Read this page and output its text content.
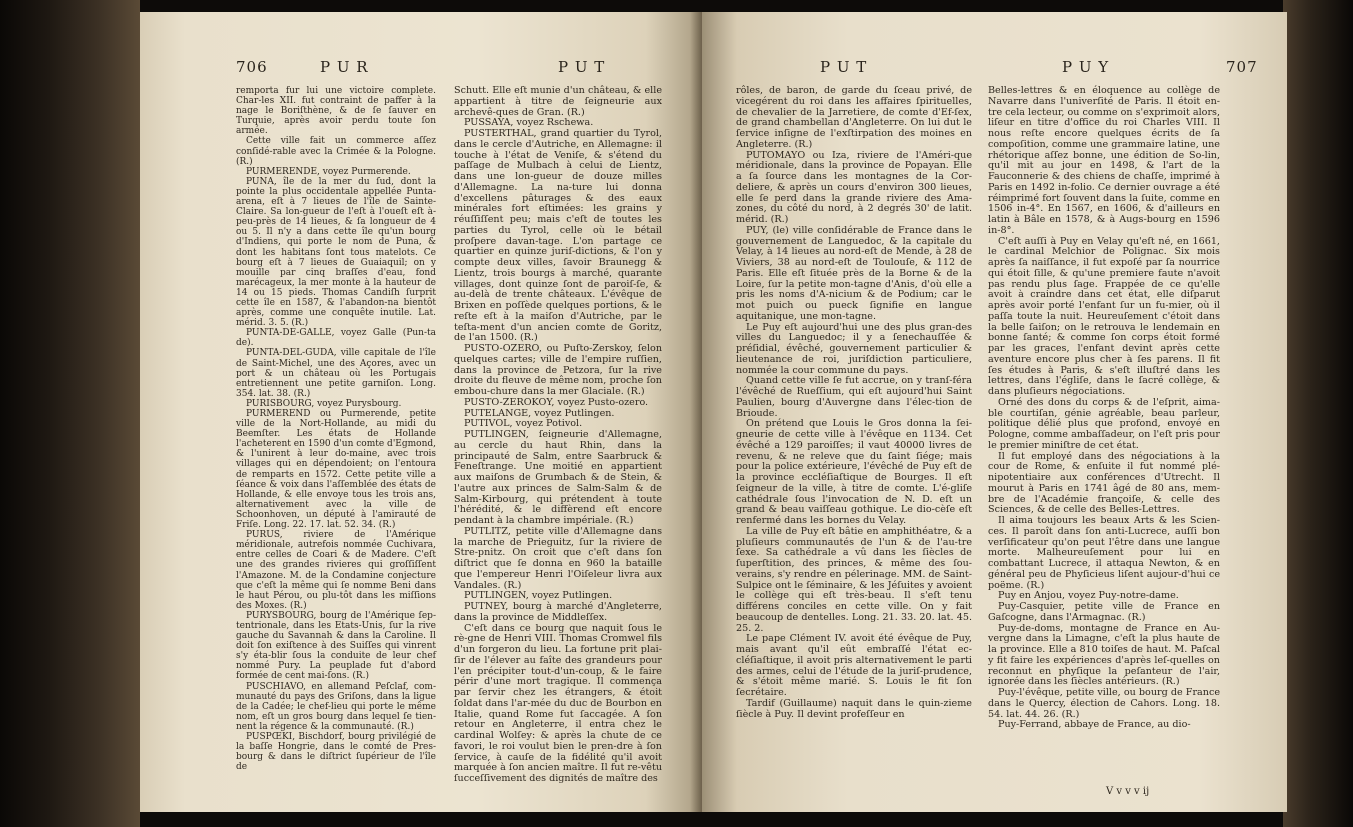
706	P U R	P U T

remporta fur lui une victoire complete. Char-les XII. fut contraint de paffer à la nage le Boriſthène, & de ſe ſauver en Turquie, après avoir perdu toute ſon armée.

Cette ville fait un commerce aſſez conſidé-rable avec la Crimée & la Pologne. (R.)

PURMERENDE, voyez Purmerende.

PUNA, île de la mer du ſud, dont la pointe la plus occidentale appellée Punta-arena, eſt à 7 lieues de l'île de Sainte-Claire. Sa lon-gueur de l'eſt à l'oueſt eſt à-peu-près de 14 lieues, & ſa longueur de 4 ou 5. Il n'y a dans cette île qu'un bourg d'Indiens, qui porte le nom de Puna, & dont les habitans ſont tous matelots. Ce bourg eſt à 7 lieues de Guaiaquil; on y mouille par cinq braſſes d'eau, fond marécageux, la mer monte à la hauteur de 14 ou 15 pieds. Thomas Candiſh ſurprit cette île en 1587, & l'abandon-na bientôt après, comme une conquête inutile. Lat. mérid. 3. 5. (R.)

PUNTA-DE-GALLE, voyez Galle (Pun-ta de).

PUNTA-DEL-GUDA, ville capitale de l'île de Saint-Michel, une des Açores, avec un port & un château où les Portugais entretiennent une petite garniſon. Long. 354. lat. 38. (R.)

PURISBOURG, voyez Purysbourg.

PURMEREND ou Purmerende, petite ville de la Nort-Hollande, au midi du Beemſter. Les états de Hollande l'acheterent en 1590 d'un comte d'Egmond, & l'unirent à leur do-maine, avec trois villages qui en dépendoient; on l'entoura de remparts en 1572. Cette petite ville a ſéance & voix dans l'aſſemblée des états de Hollande, & elle envoye tous les trois ans, alternativement avec la ville de Schoonhoven, un député à l'amirauté de Friſe. Long. 22. 17. lat. 52. 34. (R.)

PURUS, riviere de l'Amérique méridionale, autrefois nommée Cuchivara, entre celles de Coari & de Madere. C'eſt une des grandes rivieres qui groſſiſſent l'Amazone. M. de la Condamine conjecture que c'eſt la même qui ſe nomme Beni dans le haut Pérou, ou plu-tôt dans les miſſions des Moxes. (R.)

PURYSBOURG, bourg de l'Amérique ſep-tentrionale, dans les Etats-Unis, ſur la rive gauche du Savannah & dans la Caroline. Il doit ſon exiſtence à des Suiſſes qui vinrent s'y éta-blir ſous la conduite de leur chef nommé Pury. La peuplade fut d'abord formée de cent mai-ſons. (R.)

PUSCHIAVO, en allemand Peſclaf, com-munauté du pays des Griſons, dans la ligue de la Cadée; le chef-lieu qui porte le même nom, eſt un gros bourg dans lequel ſe tien-nent la régence & la communauté. (R.)

PUSPŒKI, Bischdorf, bourg privilégié de la baſſe Hongrie, dans le comté de Pres-bourg & dans le diſtrict ſupérieur de l'île de

Schutt. Elle eſt munie d'un château, & elle appartient à titre de ſeigneurie aux archevê-ques de Gran. (R.)

PUSSAYA, voyez Rschewa.

PUSTERTHAL, grand quartier du Tyrol, dans le cercle d'Autriche, en Allemagne: il touche à l'état de Veniſe, & s'étend du paſſage de Mulbach à celui de Lientz, dans une lon-gueur de douze milles d'Allemagne. La na-ture lui donna d'excellens pâturages & des eaux minérales fort eſtimées: les grains y réuſſiſſent peu; mais c'eſt de toutes les parties du Tyrol, celle où le bétail proſpere davan-tage. L'on partage ce quartier en quinze juriſ-dictions, & l'on y compte deux villes, ſavoir Braunegg & Lientz, trois bourgs à marché, quarante villages, dont quinze ſont de paroiſ-ſe, & au-delà de trente châteaux. L'évêque de Brixen en poſſède quelques portions, & le reſte eſt à la maiſon d'Autriche, par le teſta-ment d'un ancien comte de Goritz, de l'an 1500. (R.)

PUSTO-OZERO, ou Puſto-Zerskoy, ſelon quelques cartes; ville de l'empire ruſſien, dans la province de Petzora, ſur la rive droite du fleuve de même nom, proche ſon embou-chure dans la mer Glaciale. (R.)

PUSTO-ZEROKOY, voyez Pusto-ozero.

PUTELANGE, voyez Putlingen.

PUTIVOL, voyez Potivol.

PUTLINGEN, ſeigneurie d'Allemagne, au cercle du haut Rhin, dans la principauté de Salm, entre Saarbruck & Feneſtrange. Une moitié en appartient aux maiſons de Grumbach & de Stein, & l'autre aux princes de Salm-Salm & de Salm-Kirbourg, qui prétendent à toute l'hérédité, & le diffèrend eſt encore pendant à la chambre impériale. (R.)

PUTLITZ, petite ville d'Allemagne dans la marche de Prieguitz, ſur la riviere de Stre-pnitz. On croit que c'eſt dans ſon diſtrict que ſe donna en 960 la bataille que l'empereur Henri l'Oiſeleur livra aux Vandales. (R.)

PUTLINGEN, voyez Putlingen.

PUTNEY, bourg à marché d'Angleterre, dans la province de Middleſſex.

C'eſt dans ce bourg que naquit ſous le rè-gne de Henri VIII. Thomas Cromwel fils d'un forgeron du lieu. La fortune prit plai-ſir de l'élever au faîte des grandeurs pour l'en précipiter tout-d'un-coup, & le faire périr d'une mort tragique. Il commença par ſervir chez les étrangers, & étoit ſoldat dans l'ar-mée du duc de Bourbon en Italie, quand Rome fut ſaccagée. A ſon retour en Angleterre, il entra chez le cardinal Wolſey: & après la chute de ce favori, le roi voulut bien le pren-dre à ſon ſervice, à cauſe de la fidélité qu'il avoit marquée à ſon ancien maître. Il fut re-vêtu ſucceſſivement des dignités de maître des

P U T	P U Y	707

rôles, de baron, de garde du ſceau privé, de vicegérent du roi dans les affaires ſpirituelles, de chevalier de la Jarretiere, de comte d'Ef-ſex, de grand chambellan d'Angleterre. On lui dut le ſervice inſigne de l'exſtirpation des moines en Angleterre. (R.)

PUTOMAYO ou Iza, riviere de l'Améri-que méridionale, dans la province de Popayan. Elle a ſa ſource dans les montagnes de la Cor-deliere, & après un cours d'environ 300 lieues, elle ſe perd dans la grande riviere des Ama-zones, du côté du nord, à 2 degrés 30' de latit. mérid. (R.)

PUY, (le) ville conſidérable de France dans le gouvernement de Languedoc, & la capitale du Velay, à 14 lieues au nord-eſt de Mende, à 28 de Viviers, 38 au nord-eſt de Toulouſe, & 112 de Paris. Elle eſt ſituée près de la Borne & de la Loire, ſur la petite mon-tagne d'Anis, d'où elle a pris les noms d'A-nicium & de Podium; car le mot puich ou pueck ſignifie en langue aquitanique, une mon-tagne.

Le Puy eſt aujourd'hui une des plus gran-des villes du Languedoc; il y a ſenechauſſée & préſidial, évêché, gouvernement particulier & lieutenance de roi, juriſdiction particuliere, nommée la cour commune du pays.

Quand cette ville ſe fut accrue, on y tranſ-féra l'évêché de Rueſſium, qui eſt aujourd'hui Saint Paulien, bourg d'Auvergne dans l'élec-tion de Brioude.

On prétend que Louis le Gros donna la ſei-gneurie de cette ville à l'évêque en 1134. Cet évêché a 129 paroiſſes; il vaut 40000 livres de revenu, & ne releve que du ſaint ſiége; mais pour la police extérieure, l'évêché de Puy eſt de la province eccléſiaſtique de Bourges. Il eſt ſeigneur de la ville, à titre de comte. L'é-gliſe cathédrale ſous l'invocation de N. D. eſt un grand & beau vaiſſeau gothique. Le dio-cèſe eſt renfermé dans les bornes du Velay.

La ville de Puy eſt bâtie en amphithéatre, & a pluſieurs communautés de l'un & de l'au-tre ſexe. Sa cathédrale a vû dans les ſiècles de ſuperſtition, des princes, & même des ſou-verains, s'y rendre en pélerinage. MM. de Saint-Sulpice ont le ſéminaire, & les Jéſuites y avoient le collège qui eſt très-beau. Il s'eſt tenu différens conciles en cette ville. On y fait beaucoup de dentelles. Long. 21. 33. 20. lat. 45. 25. 2.

Le pape Clément IV. avoit été évêque de Puy, mais avant qu'il eût embraſſé l'état ec-cléſiaſtique, il avoit pris alternativement le parti des armes, celui de l'étude de la juriſ-prudence, & s'étoit même marié. S. Louis le fit ſon ſecrétaire.

Tardif (Guillaume) naquit dans le quin-zieme ſiècle à Puy. Il devint profeſſeur en

Belles-lettres & en éloquence au collège de Navarre dans l'univerſité de Paris. Il étoit en-tre cela lecteur, ou comme on s'exprimoit alors, liſeur en titre d'office du roi Charles VIII. Il nous reſte encore quelques écrits de ſa compoſition, comme une grammaire latine, une rhétorique aſſez bonne, une édition de So-lin, qu'il mit au jour en 1498, & l'art de la Fauconnerie & des chiens de chaſſe, imprimé à Paris en 1492 in-folio. Ce dernier ouvrage a été réimprimé fort ſouvent dans la ſuite, comme en 1506 in-4°. En 1567, en 1606, & d'ailleurs en latin à Bâle en 1578, & à Augs-bourg en 1596 in-8°.

C'eſt auſſi à Puy en Velay qu'eſt né, en 1661, le cardinal Melchior de Polignac. Six mois après ſa naiſſance, il fut expoſé par ſa nourrice qui étoit ſille, & qu'une premiere faute n'avoit pas rendu plus ſage. Frappée de ce qu'elle avoit à craindre dans cet état, elle diſparut après avoir porté l'enfant ſur un fu-mier, où il paſſa toute la nuit. Heureuſement c'étoit dans la belle ſaiſon; on le retrouva le lendemain en bonne ſanté; & comme ſon corps étoit formé par les graces, l'enfant devint après cette aventure encore plus cher à ſes parens. Il fit ſes études à Paris, & s'eſt illuſtré dans les lettres, dans l'égliſe, dans le ſacré collège, & dans pluſieurs négociations.

Orné des dons du corps & de l'eſprit, aima-ble courtiſan, génie agréable, beau parleur, politique délié plus que profond, envoyé en Pologne, comme ambaſſadeur, on l'eſt pris pour le premier miniſtre de cet état.

Il fut employé dans des négociations à la cour de Rome, & enſuite il fut nommé plé-nipotentiaire aux conférences d'Utrecht. Il mourut à Paris en 1741 âgé de 80 ans, mem-bre de l'Académie françoiſe, & celle des Sciences, & de celle des Belles-Lettres.

Il aima toujours les beaux Arts & les Scien-ces. Il paroît dans ſon anti-Lucrece, auſſi bon verſificateur qu'on peut l'être dans une langue morte. Malheureuſement pour lui en combattant Lucrece, il attaqua Newton, & en général peu de Phyſicieus liſent aujour-d'hui ce poëme. (R.)

Puy en Anjou, voyez Puy-notre-dame.

Puy-Casquier, petite ville de France en Gaſcogne, dans l'Armagnac. (R.)

Puy-de-doms, montagne de France en Au-vergne dans la Limagne, c'eſt la plus haute de la province. Elle a 810 toiſes de haut. M. Paſcal y fit faire les expériences d'après leſ-quelles on reconnut en phyſique la peſanteur de l'air, ignorée dans les ſiècles antérieurs. (R.)

Puy-l'évêque, petite ville, ou bourg de France dans le Quercy, élection de Cahors. Long. 18. 54. lat. 44. 26. (R.)

Puy-Ferrand, abbaye de France, au dio-

V v v v ij
